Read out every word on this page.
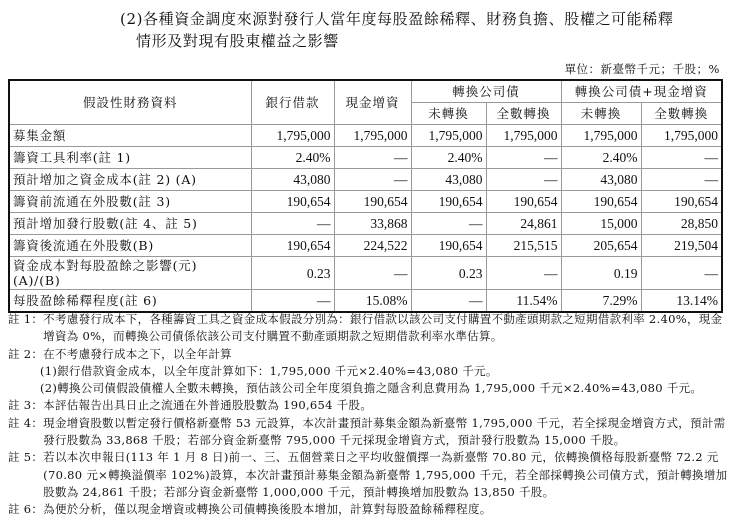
(2)各種資金調度來源對發行人當年度每股盈餘稀釋、財務負擔、股權之可能稀釋
情形及對現有股東權益之影響
單位：新臺幣千元；千股；%
假設性財務資料	銀行借款	現金增資	轉換公司債		轉換公司債+現金增資	
			未轉換	全數轉換	未轉換	全數轉換
募集金額	1,795,000	1,795,000	1,795,000	1,795,000	1,795,000	1,795,000
籌資工具利率(註 1)	2.40%	—	2.40%	—	2.40%	—
預計增加之資金成本(註 2) (A)	43,080	—	43,080	—	43,080	—
籌資前流通在外股數(註 3)	190,654	190,654	190,654	190,654	190,654	190,654
預計增加發行股數(註 4、註 5)	—	33,868	—	24,861	15,000	28,850
籌資後流通在外股數(B)	190,654	224,522	190,654	215,515	205,654	219,504
資金成本對每股盈餘之影響(元) (A)/(B)	0.23	—	0.23	—	0.19	—
每股盈餘稀釋程度(註 6)	—	15.08%	—	11.54%	7.29%	13.14%
註 1： 不考慮發行成本下，各種籌資工具之資金成本假設分別為：銀行借款以該公司支付購置不動產頭期款之短期借款利率 2.40%，現金增資為 0%，而轉換公司債係依該公司支付購置不動產頭期款之短期借款利率水準估算。
註 2： 在不考慮發行成本之下，以全年計算
(1)銀行借款資金成本，以全年度計算如下：1,795,000 千元×2.40%=43,080 千元。
(2)轉換公司債假設債權人全數未轉換，預估該公司全年度須負擔之隱含利息費用為 1,795,000 千元×2.40%=43,080 千元。
註 3： 本評估報告出具日止之流通在外普通股股數為 190,654 千股。
註 4： 現金增資股數以暫定發行價格新臺幣 53 元設算，本次計畫預計募集金額為新臺幣 1,795,000 千元，若全採現金增資方式，預計需發行股數為 33,868 千股；若部分資金新臺幣 795,000 千元採現金增資方式，預計發行股數為 15,000 千股。
註 5： 若以本次申報日(113 年 1 月 8 日)前一、三、五個營業日之平均收盤價擇一為新臺幣 70.80 元，依轉換價格每股新臺幣 72.2 元(70.80 元×轉換溢價率 102%)設算，本次計畫預計募集金額為新臺幣 1,795,000 千元，若全部採轉換公司債方式，預計轉換增加股數為 24,861 千股；若部分資金新臺幣 1,000,000 千元，預計轉換增加股數為 13,850 千股。
註 6： 為便於分析，僅以現金增資或轉換公司債轉換後股本增加，計算對每股盈餘稀釋程度。
